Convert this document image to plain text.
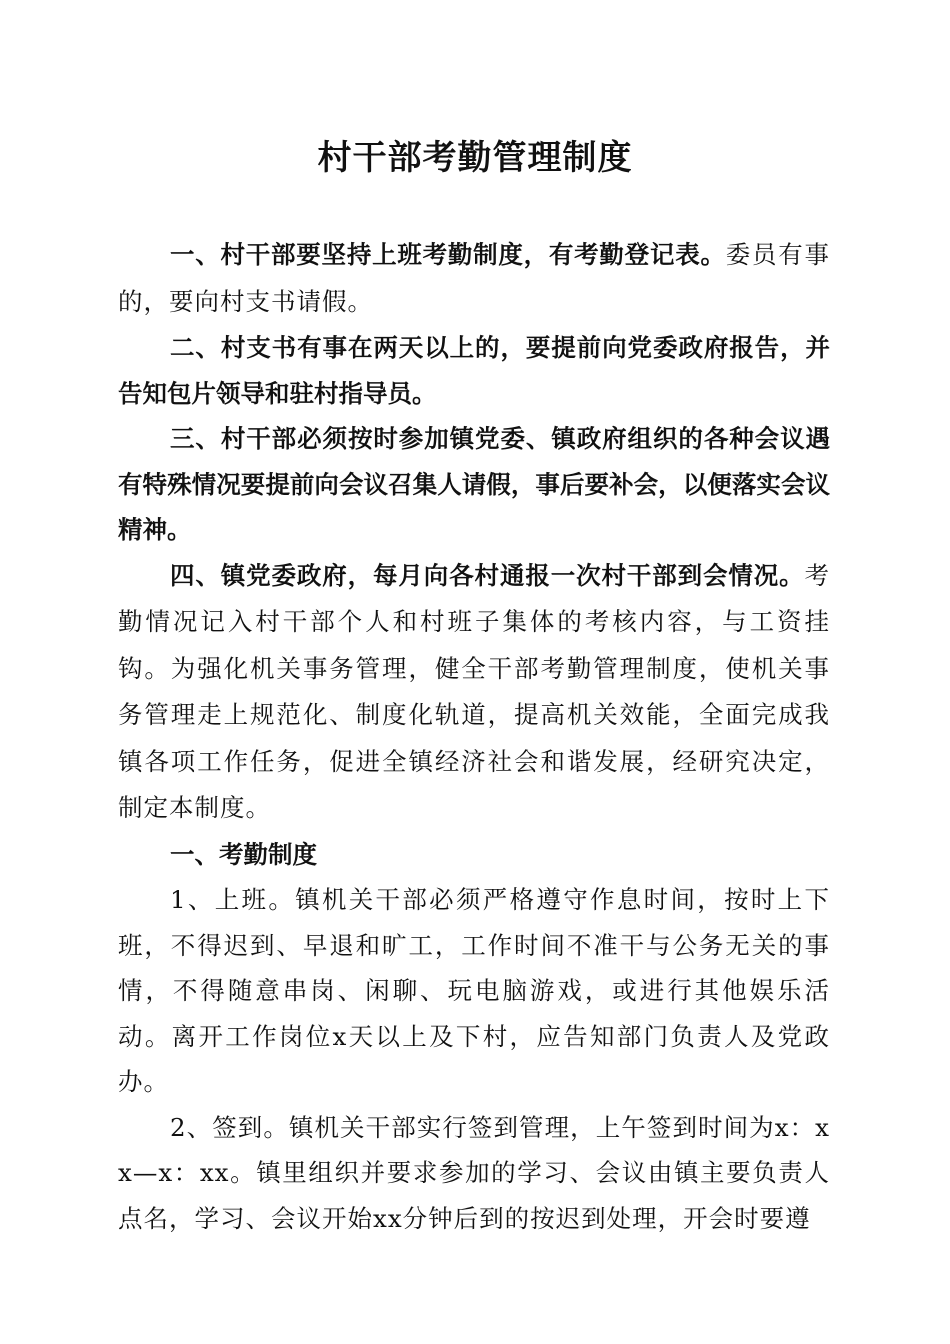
村干部考勤管理制度

一、村干部要坚持上班考勤制度，有考勤登记表。委员有事的，要向村支书请假。

二、村支书有事在两天以上的，要提前向党委政府报告，并告知包片领导和驻村指导员。

三、村干部必须按时参加镇党委、镇政府组织的各种会议遇有特殊情况要提前向会议召集人请假，事后要补会，以便落实会议精神。

四、镇党委政府，每月向各村通报一次村干部到会情况。考勤情况记入村干部个人和村班子集体的考核内容，与工资挂钩。为强化机关事务管理，健全干部考勤管理制度，使机关事务管理走上规范化、制度化轨道，提高机关效能，全面完成我镇各项工作任务，促进全镇经济社会和谐发展，经研究决定，制定本制度。

一、考勤制度

1、上班。镇机关干部必须严格遵守作息时间，按时上下班，不得迟到、早退和旷工，工作时间不准干与公务无关的事情，不得随意串岗、闲聊、玩电脑游戏，或进行其他娱乐活动。离开工作岗位x天以上及下村，应告知部门负责人及党政办。

2、签到。镇机关干部实行签到管理，上午签到时间为x：xx—x：xx。镇里组织并要求参加的学习、会议由镇主要负责人点名，学习、会议开始xx分钟后到的按迟到处理，开会时要遵
